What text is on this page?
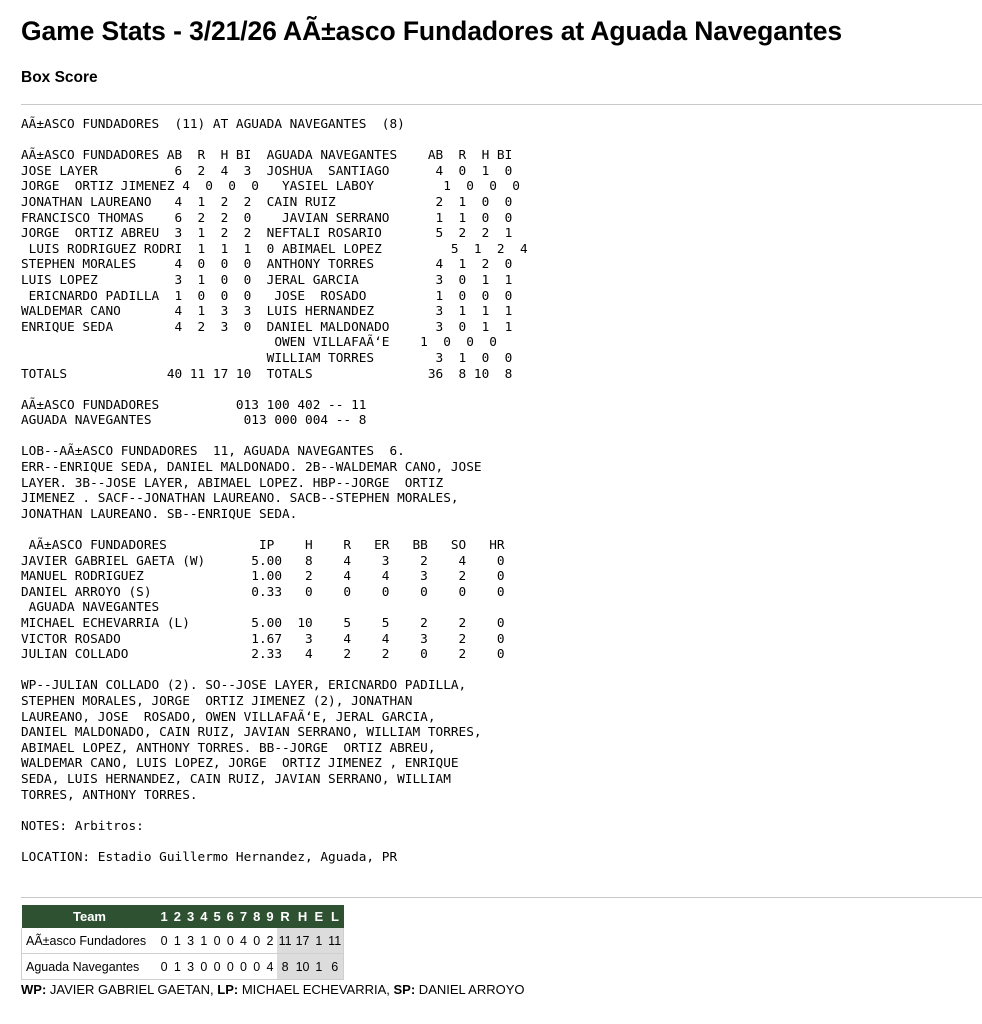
Game Stats - 3/21/26 AÃ±asco Fundadores at Aguada Navegantes
Box Score
AÃ±ASCO FUNDADORES  (11) AT AGUADA NAVEGANTES  (8)
AÃ±ASCO FUNDADORES AB  R  H BI  AGUADA NAVEGANTES    AB  R  H BI
JOSE LAYER          6  2  4  3  JOSHUA  SANTIAGO      4  0  1  0
JORGE  ORTIZ JIMENEZ 4  0  0  0   YASIEL LABOY         1  0  0  0
JONATHAN LAUREANO   4  1  2  2  CAIN RUIZ             2  1  0  0
FRANCISCO THOMAS    6  2  2  0    JAVIAN SERRANO      1  1  0  0
JORGE  ORTIZ ABREU  3  1  2  2  NEFTALI ROSARIO       5  2  2  1
LUIS RODRIGUEZ RODRI  1  1  1  0 ABIMAEL LOPEZ         5  1  2  4
STEPHEN MORALES     4  0  0  0  ANTHONY TORRES        4  1  2  0
LUIS LOPEZ          3  1  0  0  JERAL GARCIA          3  0  1  1
ERICNARDO PADILLA  1  0  0  0   JOSE  ROSADO         1  0  0  0
WALDEMAR CANO       4  1  3  3  LUIS HERNANDEZ        3  1  1  1
ENRIQUE SEDA        4  2  3  0  DANIEL MALDONADO      3  0  1  1
OWEN VILLAFAÃ‘E    1  0  0  0
WILLIAM TORRES        3  1  0  0
TOTALS             40 11 17 10  TOTALS               36  8 10  8
AÃ±ASCO FUNDADORES          013 100 402 -- 11
AGUADA NAVEGANTES            013 000 004 -- 8
LOB--AÃ±ASCO FUNDADORES  11, AGUADA NAVEGANTES  6.
ERR--ENRIQUE SEDA, DANIEL MALDONADO. 2B--WALDEMAR CANO, JOSE
LAYER. 3B--JOSE LAYER, ABIMAEL LOPEZ. HBP--JORGE  ORTIZ
JIMENEZ . SACF--JONATHAN LAUREANO. SACB--STEPHEN MORALES,
JONATHAN LAUREANO. SB--ENRIQUE SEDA.
AÃ±ASCO FUNDADORES            IP    H    R   ER   BB   SO   HR
JAVIER GABRIEL GAETA (W)      5.00   8    4    3    2    4    0
MANUEL RODRIGUEZ              1.00   2    4    4    3    2    0
DANIEL ARROYO (S)             0.33   0    0    0    0    0    0
AGUADA NAVEGANTES
MICHAEL ECHEVARRIA (L)        5.00  10    5    5    2    2    0
VICTOR ROSADO                 1.67   3    4    4    3    2    0
JULIAN COLLADO                2.33   4    2    2    0    2    0
WP--JULIAN COLLADO (2). SO--JOSE LAYER, ERICNARDO PADILLA,
STEPHEN MORALES, JORGE  ORTIZ JIMENEZ (2), JONATHAN
LAUREANO, JOSE  ROSADO, OWEN VILLAFAÃ‘E, JERAL GARCIA,
DANIEL MALDONADO, CAIN RUIZ, JAVIAN SERRANO, WILLIAM TORRES,
ABIMAEL LOPEZ, ANTHONY TORRES. BB--JORGE  ORTIZ ABREU,
WALDEMAR CANO, LUIS LOPEZ, JORGE  ORTIZ JIMENEZ , ENRIQUE
SEDA, LUIS HERNANDEZ, CAIN RUIZ, JAVIAN SERRANO, WILLIAM
TORRES, ANTHONY TORRES.
NOTES: Arbitros:
LOCATION: Estadio Guillermo Hernandez, Aguada, PR
Team	1	2	3	4	5	6	7	8	9	R	H	E	L
AÃ±asco Fundadores	0	1	3	1	0	0	4	0	2	11	17	1	11
Aguada Navegantes	0	1	3	0	0	0	0	0	4	8	10	1	6
WP: JAVIER GABRIEL GAETAN, LP: MICHAEL ECHEVARRIA, SP: DANIEL ARROYO
